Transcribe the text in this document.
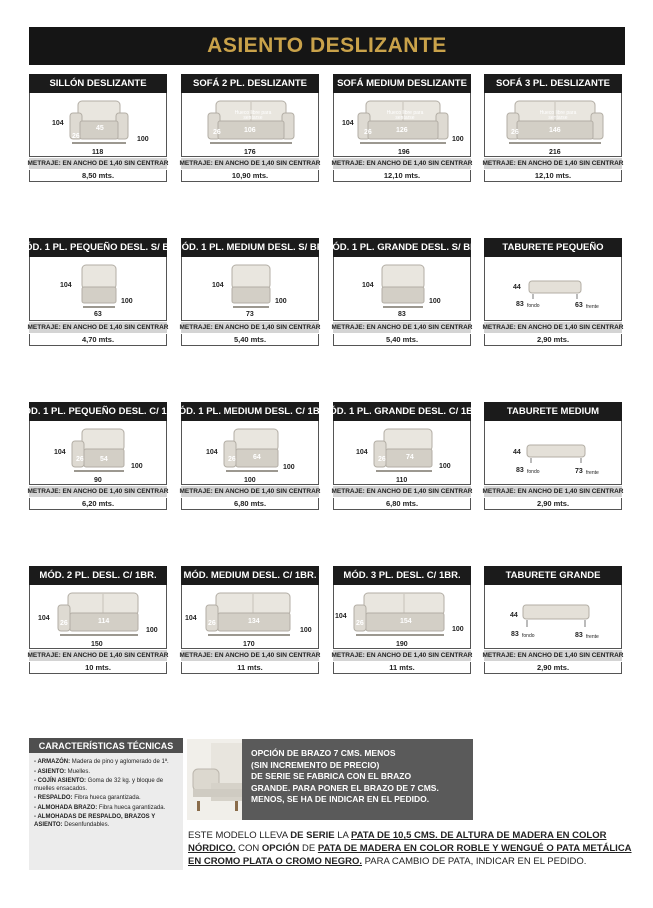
ASIENTO DESLIZANTE
SILLÓN DESLIZANTE
104
26
45
100
118
METRAJE: EN ANCHO DE 1,40 SIN CENTRAR
8,50 mts.
SOFÁ 2 PL. DESLIZANTE
Hueco libre para sentarse
26	106
176
METRAJE: EN ANCHO DE 1,40 SIN CENTRAR
10,90 mts.
SOFÁ MEDIUM DESLIZANTE
104
Hueco libre para sentarse
26	126
100
196
METRAJE: EN ANCHO DE 1,40 SIN CENTRAR
12,10 mts.
SOFÁ 3 PL. DESLIZANTE
Hueco libre para sentarse
26	146
216
METRAJE: EN ANCHO DE 1,40 SIN CENTRAR
12,10 mts.
MÓD. 1 PL. PEQUEÑO DESL. S/ BR.
104
100
63
METRAJE: EN ANCHO DE 1,40 SIN CENTRAR
4,70 mts.
MÓD. 1 PL. MEDIUM DESL. S/ BR.
104
100
73
METRAJE: EN ANCHO DE 1,40 SIN CENTRAR
5,40 mts.
MÓD. 1 PL. GRANDE DESL. S/ BR.
104
100
83
METRAJE: EN ANCHO DE 1,40 SIN CENTRAR
5,40 mts.
TABURETE PEQUEÑO
44
83 fondo	63 frente
METRAJE: EN ANCHO DE 1,40 SIN CENTRAR
2,90 mts.
MÓD. 1 PL. PEQUEÑO DESL. C/ 1BR
104
26 54
100
90
METRAJE: EN ANCHO DE 1,40 SIN CENTRAR
6,20 mts.
MÓD. 1 PL. MEDIUM DESL. C/ 1BR.
104
26 64
100
100
METRAJE: EN ANCHO DE 1,40 SIN CENTRAR
6,80 mts.
MÓD. 1 PL. GRANDE DESL. C/ 1BR.
104
26	74
100
110
METRAJE: EN ANCHO DE 1,40 SIN CENTRAR
6,80 mts.
TABURETE MEDIUM
44
83 fondo	73 frente
METRAJE: EN ANCHO DE 1,40 SIN CENTRAR
2,90 mts.
MÓD. 2 PL. DESL. C/ 1BR.
104
26	114
100
150
METRAJE: EN ANCHO DE 1,40 SIN CENTRAR
10 mts.
MÓD. MEDIUM DESL. C/ 1BR.
104
26	134
100
170
METRAJE: EN ANCHO DE 1,40 SIN CENTRAR
11 mts.
MÓD. 3 PL. DESL. C/ 1BR.
104
26	154
100
190
METRAJE: EN ANCHO DE 1,40 SIN CENTRAR
11 mts.
TABURETE GRANDE
44
83 fondo	83 frente
METRAJE: EN ANCHO DE 1,40 SIN CENTRAR
2,90 mts.
CARACTERÍSTICAS TÉCNICAS
- ARMAZÓN: Madera de pino y aglomerado de 1ª.
- ASIENTO: Muelles.
- COJÍN ASIENTO: Goma de 32 kg. y bloque de muelles ensacados.
- RESPALDO: Fibra hueca garantizada.
- ALMOHADA BRAZO: Fibra hueca garantizada.
- ALMOHADAS DE RESPALDO, BRAZOS Y ASIENTO: Desenfundables.
OPCIÓN DE BRAZO 7 CMS. MENOS
(SIN INCREMENTO DE PRECIO)
DE SERIE SE FABRICA CON EL BRAZO
GRANDE. PARA PONER EL BRAZO DE 7 CMS.
MENOS, SE HA DE INDICAR EN EL PEDIDO.
ESTE MODELO LLEVA DE SERIE LA PATA DE 10,5 CMS. DE ALTURA DE MADERA EN COLOR NÓRDICO. CON OPCIÓN DE PATA DE MADERA EN COLOR ROBLE Y WENGUÉ O PATA METÁLICA EN CROMO PLATA O CROMO NEGRO. PARA CAMBIO DE PATA, INDICAR EN EL PEDIDO.
